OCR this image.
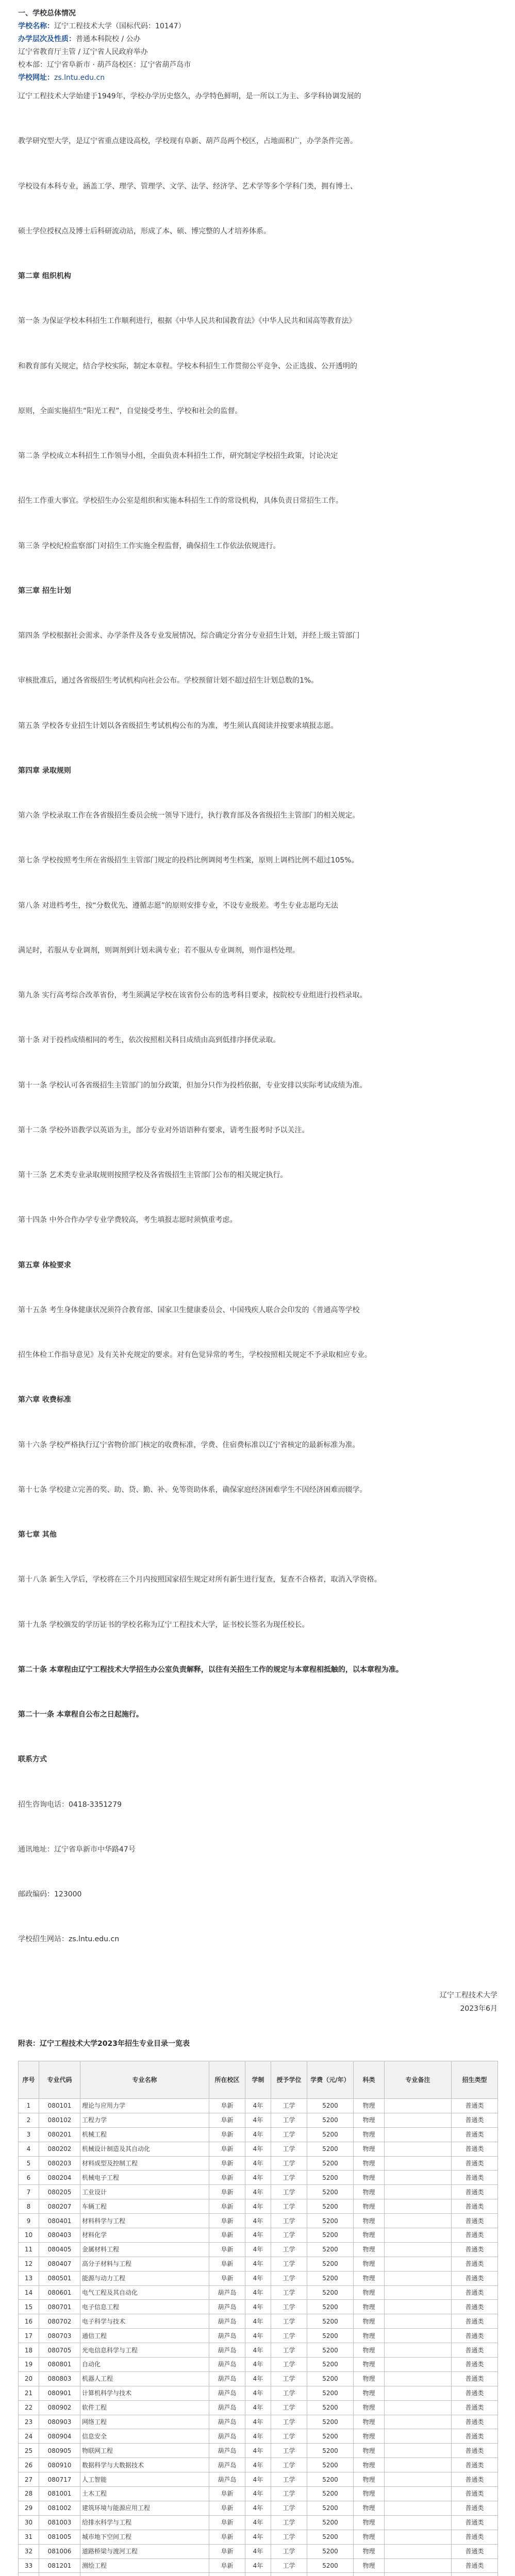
一、学校总体情况
学校名称：辽宁工程技术大学（国标代码：10147）
办学层次及性质：普通本科院校 / 公办
辽宁省教育厅主管 / 辽宁省人民政府举办
校本部：辽宁省阜新市 · 葫芦岛校区：辽宁省葫芦岛市
学校网址：zs.lntu.edu.cn
辽宁工程技术大学始建于1949年，学校办学历史悠久，办学特色鲜明，是一所以工为主、多学科协调发展的
教学研究型大学，是辽宁省重点建设高校，学校现有阜新、葫芦岛两个校区，占地面积广，办学条件完善。
学校设有本科专业，涵盖工学、理学、管理学、文学、法学、经济学、艺术学等多个学科门类，拥有博士、
硕士学位授权点及博士后科研流动站，形成了本、硕、博完整的人才培养体系。
第二章 组织机构
第一条 为保证学校本科招生工作顺利进行，根据《中华人民共和国教育法》《中华人民共和国高等教育法》
和教育部有关规定，结合学校实际，制定本章程。学校本科招生工作贯彻公平竞争、公正选拔、公开透明的
原则，全面实施招生“阳光工程”，自觉接受考生、学校和社会的监督。
第二条 学校成立本科招生工作领导小组，全面负责本科招生工作，研究制定学校招生政策，讨论决定
招生工作重大事宜。学校招生办公室是组织和实施本科招生工作的常设机构，具体负责日常招生工作。
第三条 学校纪检监察部门对招生工作实施全程监督，确保招生工作依法依规进行。
第三章 招生计划
第四条 学校根据社会需求、办学条件及各专业发展情况，综合确定分省分专业招生计划，并经上级主管部门
审核批准后，通过各省级招生考试机构向社会公布。学校预留计划不超过招生计划总数的1%。
第五条 学校各专业招生计划以各省级招生考试机构公布的为准，考生须认真阅读并按要求填报志愿。
第四章 录取规则
第六条 学校录取工作在各省级招生委员会统一领导下进行，执行教育部及各省级招生主管部门的相关规定。
第七条 学校按照考生所在省级招生主管部门规定的投档比例调阅考生档案，原则上调档比例不超过105%。
第八条 对进档考生，按“分数优先、遵循志愿”的原则安排专业，不设专业级差。考生专业志愿均无法
满足时，若服从专业调剂，则调剂到计划未满专业；若不服从专业调剂，则作退档处理。
第九条 实行高考综合改革省份，考生须满足学校在该省份公布的选考科目要求，按院校专业组进行投档录取。
第十条 对于投档成绩相同的考生，依次按照相关科目成绩由高到低排序择优录取。
第十一条 学校认可各省级招生主管部门的加分政策，但加分只作为投档依据，专业安排以实际考试成绩为准。
第十二条 学校外语教学以英语为主，部分专业对外语语种有要求，请考生报考时予以关注。
第十三条 艺术类专业录取规则按照学校及各省级招生主管部门公布的相关规定执行。
第十四条 中外合作办学专业学费较高，考生填报志愿时须慎重考虑。
第五章 体检要求
第十五条 考生身体健康状况须符合教育部、国家卫生健康委员会、中国残疾人联合会印发的《普通高等学校
招生体检工作指导意见》及有关补充规定的要求。对有色觉异常的考生，学校按照相关规定不予录取相应专业。
第六章 收费标准
第十六条 学校严格执行辽宁省物价部门核定的收费标准，学费、住宿费标准以辽宁省核定的最新标准为准。
第十七条 学校建立完善的奖、助、贷、勤、补、免等资助体系，确保家庭经济困难学生不因经济困难而辍学。
第七章 其他
第十八条 新生入学后，学校将在三个月内按照国家招生规定对所有新生进行复查，复查不合格者，取消入学资格。
第十九条 学校颁发的学历证书的学校名称为辽宁工程技术大学，证书校长签名为现任校长。
第二十条 本章程由辽宁工程技术大学招生办公室负责解释，以往有关招生工作的规定与本章程相抵触的，以本章程为准。
第二十一条 本章程自公布之日起施行。
联系方式
招生咨询电话：0418-3351279
通讯地址：辽宁省阜新市中华路47号
邮政编码：123000
学校招生网站：zs.lntu.edu.cn
辽宁工程技术大学
2023年6月
附表：辽宁工程技术大学2023年招生专业目录一览表
序号	专业代码	专业名称	所在校区	学制	授予学位	学费（元/年）	科类	专业备注	招生类型
1	080101	理论与应用力学	阜新	4年	工学	5200	物理		普通类
2	080102	工程力学	阜新	4年	工学	5200	物理		普通类
3	080201	机械工程	阜新	4年	工学	5200	物理		普通类
4	080202	机械设计制造及其自动化	阜新	4年	工学	5200	物理		普通类
5	080203	材料成型及控制工程	阜新	4年	工学	5200	物理		普通类
6	080204	机械电子工程	阜新	4年	工学	5200	物理		普通类
7	080205	工业设计	阜新	4年	工学	5200	物理		普通类
8	080207	车辆工程	阜新	4年	工学	5200	物理		普通类
9	080401	材料科学与工程	阜新	4年	工学	5200	物理		普通类
10	080403	材料化学	阜新	4年	工学	5200	物理		普通类
11	080405	金属材料工程	阜新	4年	工学	5200	物理		普通类
12	080407	高分子材料与工程	阜新	4年	工学	5200	物理		普通类
13	080501	能源与动力工程	阜新	4年	工学	5200	物理		普通类
14	080601	电气工程及其自动化	葫芦岛	4年	工学	5200	物理		普通类
15	080701	电子信息工程	葫芦岛	4年	工学	5200	物理		普通类
16	080702	电子科学与技术	葫芦岛	4年	工学	5200	物理		普通类
17	080703	通信工程	葫芦岛	4年	工学	5200	物理		普通类
18	080705	光电信息科学与工程	葫芦岛	4年	工学	5200	物理		普通类
19	080801	自动化	葫芦岛	4年	工学	5200	物理		普通类
20	080803	机器人工程	葫芦岛	4年	工学	5200	物理		普通类
21	080901	计算机科学与技术	葫芦岛	4年	工学	5200	物理		普通类
22	080902	软件工程	葫芦岛	4年	工学	5200	物理		普通类
23	080903	网络工程	葫芦岛	4年	工学	5200	物理		普通类
24	080904	信息安全	葫芦岛	4年	工学	5200	物理		普通类
25	080905	物联网工程	葫芦岛	4年	工学	5200	物理		普通类
26	080910	数据科学与大数据技术	葫芦岛	4年	工学	5200	物理		普通类
27	080717	人工智能	葫芦岛	4年	工学	5200	物理		普通类
28	081001	土木工程	阜新	4年	工学	5200	物理		普通类
29	081002	建筑环境与能源应用工程	阜新	4年	工学	5200	物理		普通类
30	081003	给排水科学与工程	阜新	4年	工学	5200	物理		普通类
31	081005	城市地下空间工程	阜新	4年	工学	5200	物理		普通类
32	081006	道路桥梁与渡河工程	阜新	4年	工学	5200	物理		普通类
33	081201	测绘工程	阜新	4年	工学	5200	物理		普通类
